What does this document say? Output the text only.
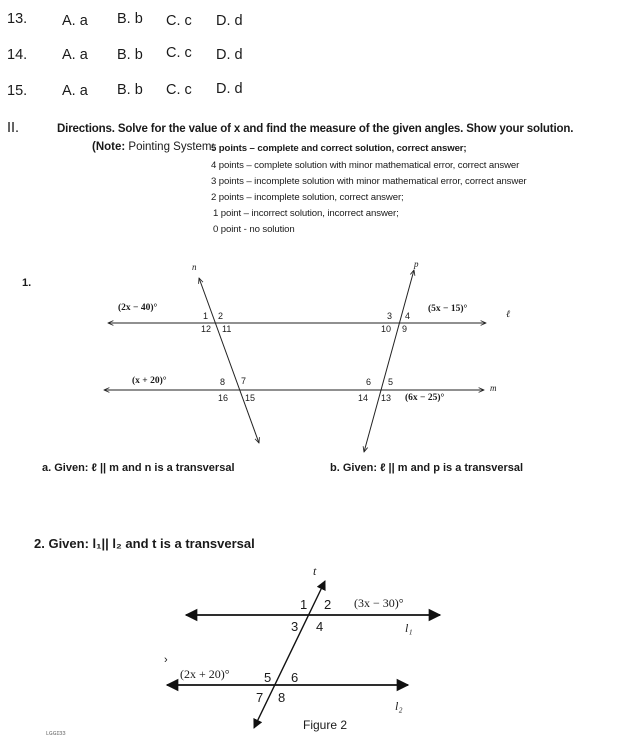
13. A. a B. b C. c D. d
14. A. a B. b C. c D. d
15. A. a B. b C. c D. d
II.	Directions. Solve for the value of x and find the measure of the given angles. Show your solution.
(Note: Pointing System:
5 points – complete and correct solution, correct answer;
4 points – complete solution with minor mathematical error, correct answer
3 points – incomplete solution with minor mathematical error, correct answer
2 points – incomplete solution, correct answer;
1 point – incorrect solution, incorrect answer;
0 point - no solution
1.
n	p
ℓ
m
(2x − 40)°
(x + 20)°
(5x − 15)°
(6x − 25)°
1 2
12 11
8 7
16 15
3 4
10 9
6 5
14 13
a. Given: ℓ || m and n is a transversal	b. Given: ℓ || m and p is a transversal
2. Given: l₁|| l₂ and t is a transversal
t
(3x − 30)°
(2x + 20)°
l₁
l₂
1 2
3 4
5 6
7 8
Figure 2
›
ʟɢɢɪɜɜ
